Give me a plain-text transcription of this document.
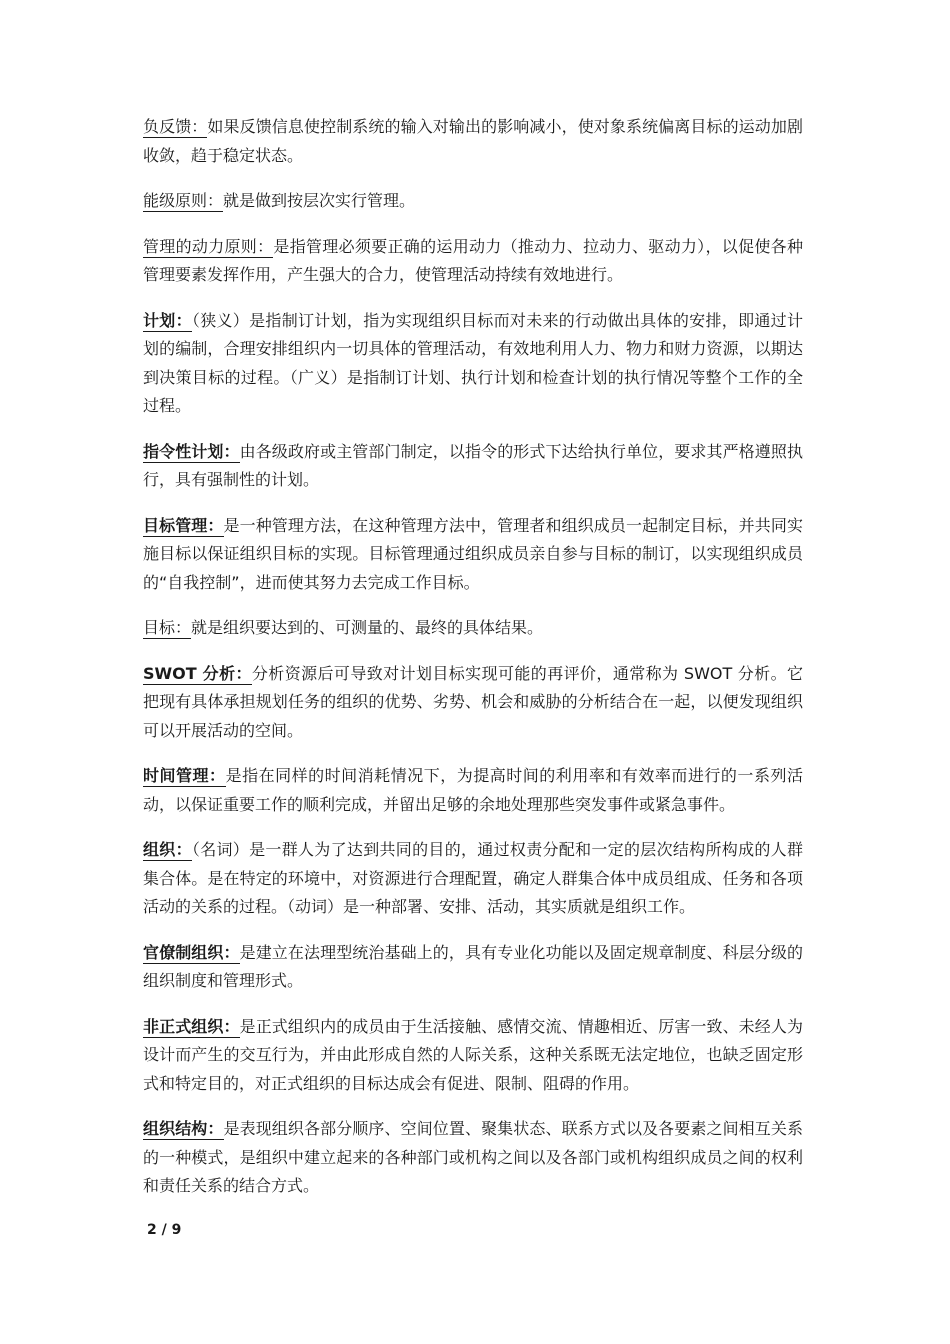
负反馈：如果反馈信息使控制系统的输入对输出的影响减小，使对象系统偏离目标的运动加剧收敛，趋于稳定状态。

能级原则：就是做到按层次实行管理。

管理的动力原则：是指管理必须要正确的运用动力（推动力、拉动力、驱动力），以促使各种管理要素发挥作用，产生强大的合力，使管理活动持续有效地进行。

计划：（狭义）是指制订计划，指为实现组织目标而对未来的行动做出具体的安排，即通过计划的编制，合理安排组织内一切具体的管理活动，有效地利用人力、物力和财力资源，以期达到决策目标的过程。（广义）是指制订计划、执行计划和检查计划的执行情况等整个工作的全过程。

指令性计划：由各级政府或主管部门制定，以指令的形式下达给执行单位，要求其严格遵照执行，具有强制性的计划。

目标管理：是一种管理方法，在这种管理方法中，管理者和组织成员一起制定目标，并共同实施目标以保证组织目标的实现。目标管理通过组织成员亲自参与目标的制订，以实现组织成员的“自我控制”，进而使其努力去完成工作目标。

目标：就是组织要达到的、可测量的、最终的具体结果。

SWOT 分析：分析资源后可导致对计划目标实现可能的再评价，通常称为 SWOT 分析。它把现有具体承担规划任务的组织的优势、劣势、机会和威胁的分析结合在一起，以便发现组织可以开展活动的空间。

时间管理：是指在同样的时间消耗情况下，为提高时间的利用率和有效率而进行的一系列活动，以保证重要工作的顺利完成，并留出足够的余地处理那些突发事件或紧急事件。

组织：（名词）是一群人为了达到共同的目的，通过权责分配和一定的层次结构所构成的人群集合体。是在特定的环境中，对资源进行合理配置，确定人群集合体中成员组成、任务和各项活动的关系的过程。（动词）是一种部署、安排、活动，其实质就是组织工作。

官僚制组织：是建立在法理型统治基础上的，具有专业化功能以及固定规章制度、科层分级的组织制度和管理形式。

非正式组织：是正式组织内的成员由于生活接触、感情交流、情趣相近、厉害一致、未经人为设计而产生的交互行为，并由此形成自然的人际关系，这种关系既无法定地位，也缺乏固定形式和特定目的，对正式组织的目标达成会有促进、限制、阻碍的作用。

组织结构：是表现组织各部分顺序、空间位置、聚集状态、联系方式以及各要素之间相互关系的一种模式，是组织中建立起来的各种部门或机构之间以及各部门或机构组织成员之间的权利和责任关系的结合方式。

2 / 9
